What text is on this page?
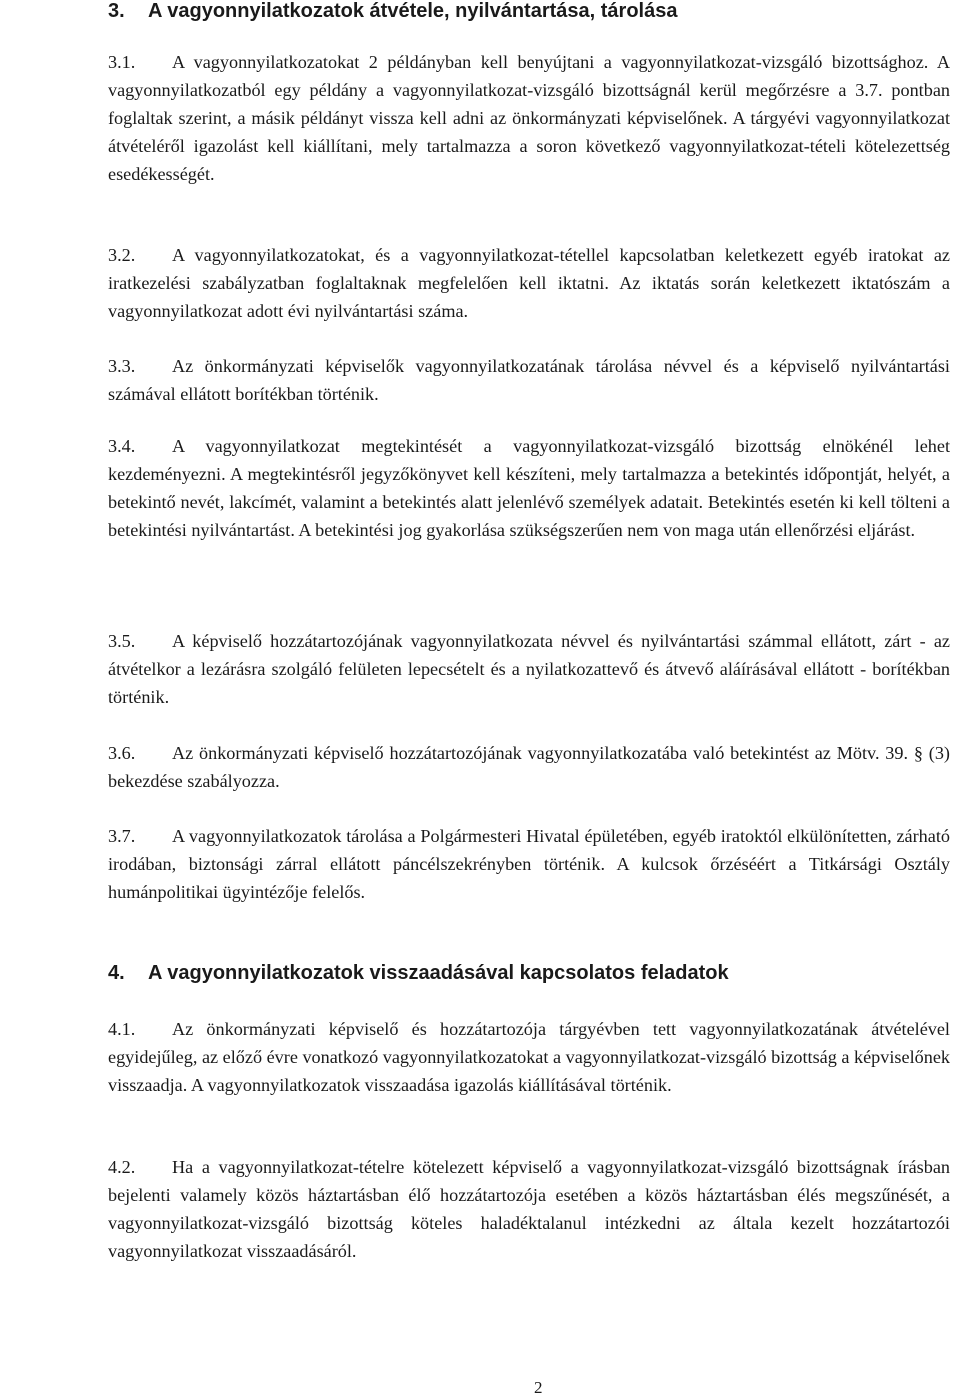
3. A vagyonnyilatkozatok átvétele, nyilvántartása, tárolása

3.1. A vagyonnyilatkozatokat 2 példányban kell benyújtani a vagyonnyilatkozat-vizsgáló bizottsághoz. A vagyonnyilatkozatból egy példány a vagyonnyilatkozat-vizsgáló bizottságnál kerül megőrzésre a 3.7. pontban foglaltak szerint, a másik példányt vissza kell adni az önkormányzati képviselőnek. A tárgyévi vagyonnyilatkozat átvételéről igazolást kell kiállítani, mely tartalmazza a soron következő vagyonnyilatkozat-tételi kötelezettség esedékességét.

3.2. A vagyonnyilatkozatokat, és a vagyonnyilatkozat-tétellel kapcsolatban keletkezett egyéb iratokat az iratkezelési szabályzatban foglaltaknak megfelelően kell iktatni. Az iktatás során keletkezett iktatószám a vagyonnyilatkozat adott évi nyilvántartási száma.

3.3. Az önkormányzati képviselők vagyonnyilatkozatának tárolása névvel és a képviselő nyilvántartási számával ellátott borítékban történik.

3.4. A vagyonnyilatkozat megtekintését a vagyonnyilatkozat-vizsgáló bizottság elnökénél lehet kezdeményezni. A megtekintésről jegyzőkönyvet kell készíteni, mely tartalmazza a betekintés időpontját, helyét, a betekintő nevét, lakcímét, valamint a betekintés alatt jelenlévő személyek adatait. Betekintés esetén ki kell tölteni a betekintési nyilvántartást. A betekintési jog gyakorlása szükségszerűen nem von maga után ellenőrzési eljárást.

3.5. A képviselő hozzátartozójának vagyonnyilatkozata névvel és nyilvántartási számmal ellátott, zárt - az átvételkor a lezárásra szolgáló felületen lepecsételt és a nyilatkozattevő és átvevő aláírásával ellátott - borítékban történik.

3.6. Az önkormányzati képviselő hozzátartozójának vagyonnyilatkozatába való betekintést az Mötv. 39. § (3) bekezdése szabályozza.

3.7. A vagyonnyilatkozatok tárolása a Polgármesteri Hivatal épületében, egyéb iratoktól elkülönítetten, zárható irodában, biztonsági zárral ellátott páncélszekrényben történik. A kulcsok őrzéséért a Titkársági Osztály humánpolitikai ügyintézője felelős.

4. A vagyonnyilatkozatok visszaadásával kapcsolatos feladatok

4.1. Az önkormányzati képviselő és hozzátartozója tárgyévben tett vagyonnyilatkozatának átvételével egyidejűleg, az előző évre vonatkozó vagyonnyilatkozatokat a vagyonnyilatkozat-vizsgáló bizottság a képviselőnek visszaadja. A vagyonnyilatkozatok visszaadása igazolás kiállításával történik.

4.2. Ha a vagyonnyilatkozat-tételre kötelezett képviselő a vagyonnyilatkozat-vizsgáló bizottságnak írásban bejelenti valamely közös háztartásban élő hozzátartozója esetében a közös háztartásban élés megszűnését, a vagyonnyilatkozat-vizsgáló bizottság köteles haladéktalanul intézkedni az általa kezelt hozzátartozói vagyonnyilatkozat visszaadásáról.

2
